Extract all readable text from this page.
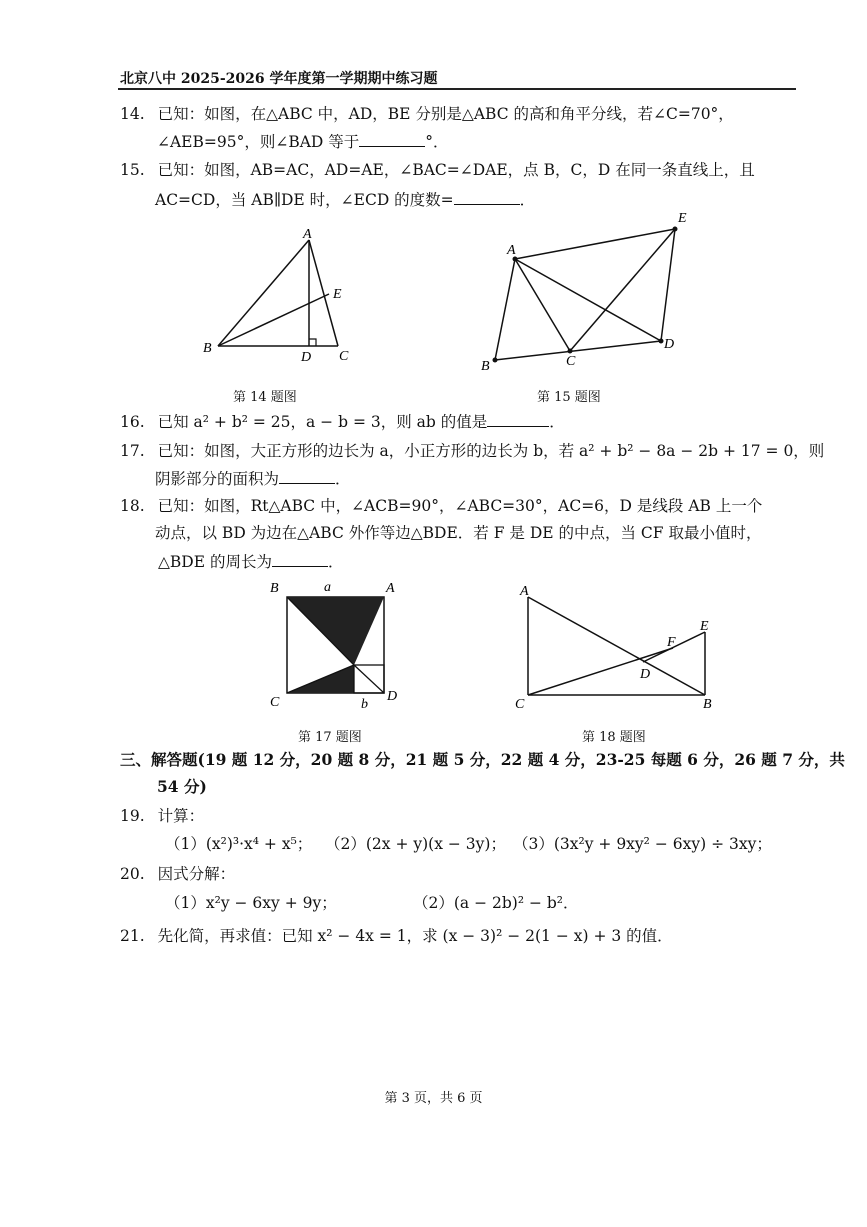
北京八中 2025-2026 学年度第一学期期中练习题
14. 已知：如图，在△ABC 中，AD，BE 分别是△ABC 的高和角平分线，若∠C=70°，
∠AEB=95°，则∠BAD 等于	°．
15. 已知：如图，AB=AC，AD=AE，∠BAC=∠DAE，点 B，C，D 在同一条直线上，且
AC=CD，当 AB∥DE 时，∠ECD 的度数=	．
A
B
C
D
E
第 14 题图
A
B	C
D
E
第 15 题图
16. 已知 a² + b² = 25，a − b = 3，则 ab 的值是	．
17. 已知：如图，大正方形的边长为 a，小正方形的边长为 b，若 a² + b² − 8a − 2b + 17 = 0，则
阴影部分的面积为	．
18. 已知：如图，Rt△ABC 中，∠ACB=90°，∠ABC=30°，AC=6，D 是线段 AB 上一个
动点，以 BD 为边在△ABC 外作等边△BDE．若 F 是 DE 的中点，当 CF 取最小值时，
△BDE 的周长为	．
B	A
C	D
a
b
第 17 题图
A
C	B
D
E
F
第 18 题图
三、解答题(19 题 12 分，20 题 8 分，21 题 5 分，22 题 4 分，23-25 每题 6 分，26 题 7 分，共
54 分)
19. 计算：
（1）(x²)³·x⁴ + x⁵； （2）(2x + y)(x − 3y)； （3）(3x²y + 9xy² − 6xy) ÷ 3xy；
20. 因式分解：
（1）x²y − 6xy + 9y；	（2）(a − 2b)² − b²．
21. 先化简，再求值：已知 x² − 4x = 1，求 (x − 3)² − 2(1 − x) + 3 的值．
第 3 页，共 6 页
